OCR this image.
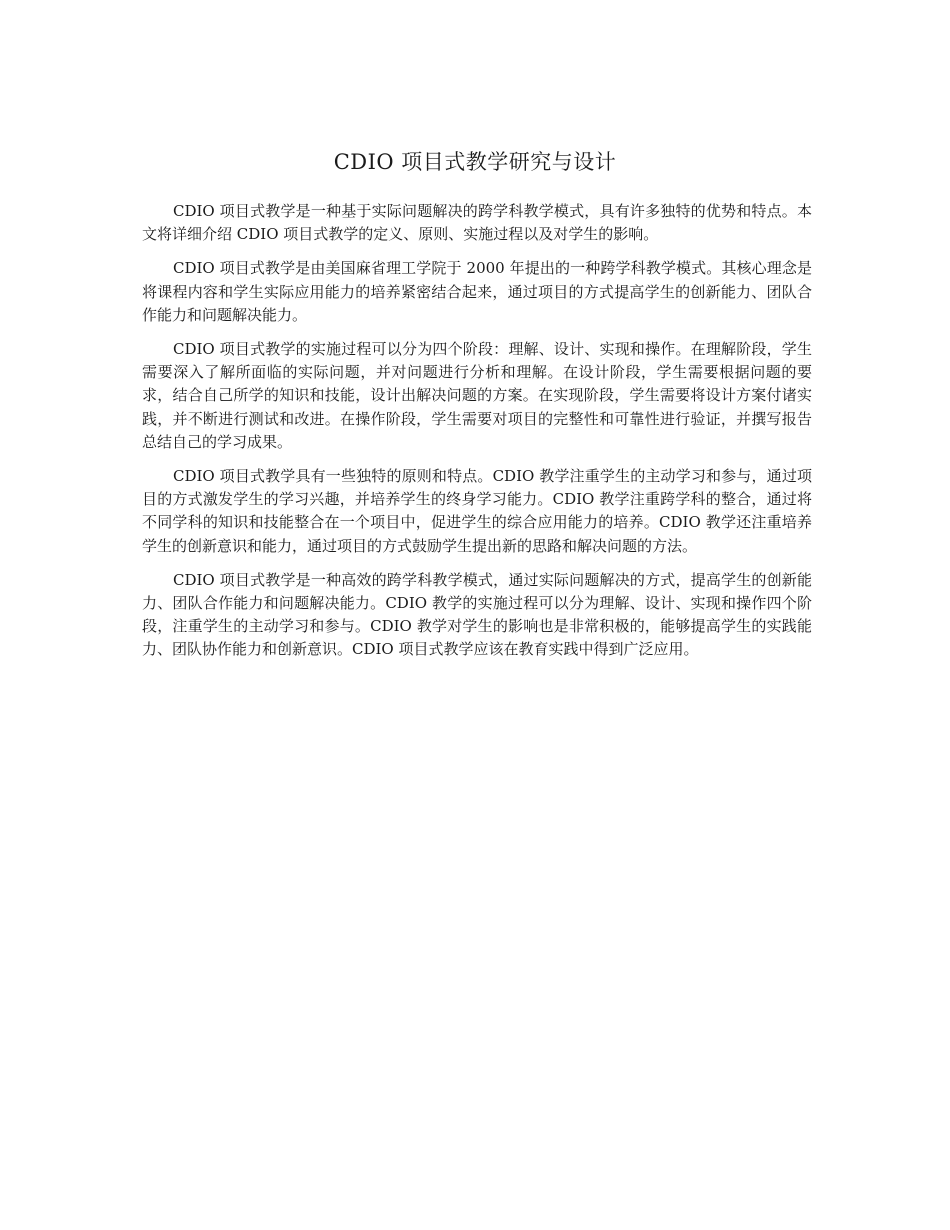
CDIO 项目式教学研究与设计

CDIO 项目式教学是一种基于实际问题解决的跨学科教学模式，具有许多独特的优势和特点。本文将详细介绍 CDIO 项目式教学的定义、原则、实施过程以及对学生的影响。

CDIO 项目式教学是由美国麻省理工学院于 2000 年提出的一种跨学科教学模式。其核心理念是将课程内容和学生实际应用能力的培养紧密结合起来，通过项目的方式提高学生的创新能力、团队合作能力和问题解决能力。

CDIO 项目式教学的实施过程可以分为四个阶段：理解、设计、实现和操作。在理解阶段，学生需要深入了解所面临的实际问题，并对问题进行分析和理解。在设计阶段，学生需要根据问题的要求，结合自己所学的知识和技能，设计出解决问题的方案。在实现阶段，学生需要将设计方案付诸实践，并不断进行测试和改进。在操作阶段，学生需要对项目的完整性和可靠性进行验证，并撰写报告总结自己的学习成果。

CDIO 项目式教学具有一些独特的原则和特点。CDIO 教学注重学生的主动学习和参与，通过项目的方式激发学生的学习兴趣，并培养学生的终身学习能力。CDIO 教学注重跨学科的整合，通过将不同学科的知识和技能整合在一个项目中，促进学生的综合应用能力的培养。CDIO 教学还注重培养学生的创新意识和能力，通过项目的方式鼓励学生提出新的思路和解决问题的方法。

CDIO 项目式教学是一种高效的跨学科教学模式，通过实际问题解决的方式，提高学生的创新能力、团队合作能力和问题解决能力。CDIO 教学的实施过程可以分为理解、设计、实现和操作四个阶段，注重学生的主动学习和参与。CDIO 教学对学生的影响也是非常积极的，能够提高学生的实践能力、团队协作能力和创新意识。CDIO 项目式教学应该在教育实践中得到广泛应用。
